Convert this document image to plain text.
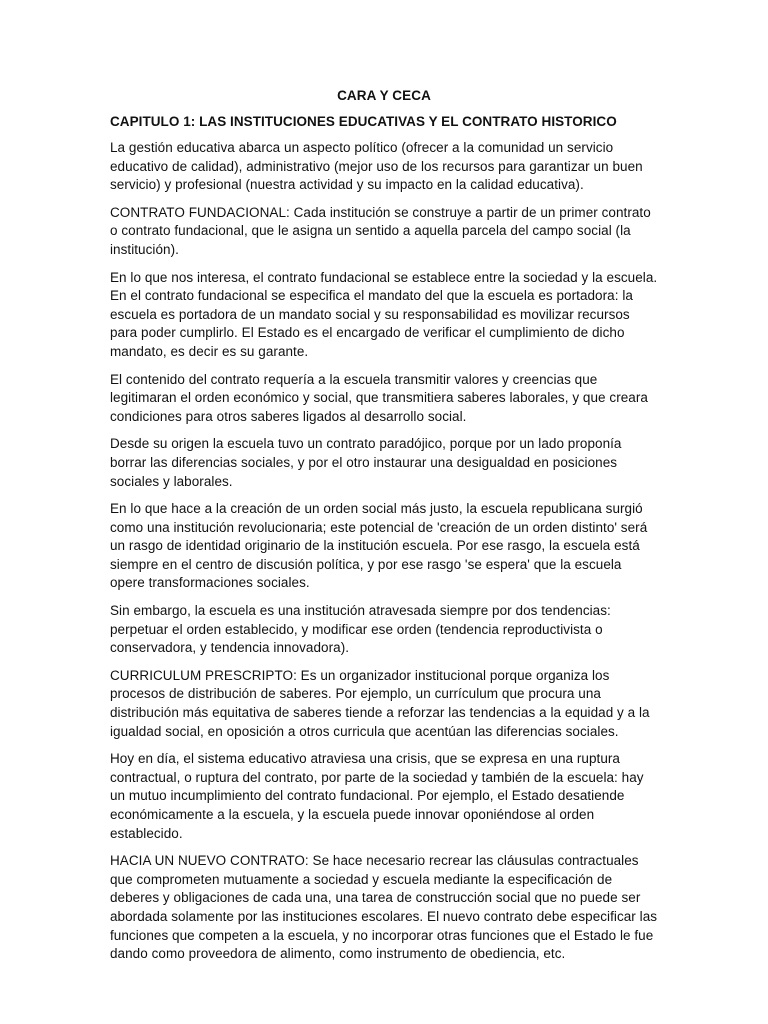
CARA Y CECA
CAPITULO 1: LAS INSTITUCIONES EDUCATIVAS Y EL CONTRATO HISTORICO

La gestión educativa abarca un aspecto político (ofrecer a la comunidad un servicio educativo de calidad), administrativo (mejor uso de los recursos para garantizar un buen servicio) y profesional (nuestra actividad y su impacto en la calidad educativa).

CONTRATO FUNDACIONAL: Cada institución se construye a partir de un primer contrato o contrato fundacional, que le asigna un sentido a aquella parcela del campo social (la institución).

En lo que nos interesa, el contrato fundacional se establece entre la sociedad y la escuela. En el contrato fundacional se especifica el mandato del que la escuela es portadora: la escuela es portadora de un mandato social y su responsabilidad es movilizar recursos para poder cumplirlo. El Estado es el encargado de verificar el cumplimiento de dicho mandato, es decir es su garante.

El contenido del contrato requería a la escuela transmitir valores y creencias que legitimaran el orden económico y social, que transmitiera saberes laborales, y que creara condiciones para otros saberes ligados al desarrollo social.

Desde su origen la escuela tuvo un contrato paradójico, porque por un lado proponía borrar las diferencias sociales, y por el otro instaurar una desigualdad en posiciones sociales y laborales.

En lo que hace a la creación de un orden social más justo, la escuela republicana surgió como una institución revolucionaria; este potencial de 'creación de un orden distinto' será un rasgo de identidad originario de la institución escuela. Por ese rasgo, la escuela está siempre en el centro de discusión política, y por ese rasgo 'se espera' que la escuela opere transformaciones sociales.

Sin embargo, la escuela es una institución atravesada siempre por dos tendencias: perpetuar el orden establecido, y modificar ese orden (tendencia reproductivista o conservadora, y tendencia innovadora).

CURRICULUM PRESCRIPTO: Es un organizador institucional porque organiza los procesos de distribución de saberes. Por ejemplo, un currículum que procura una distribución más equitativa de saberes tiende a reforzar las tendencias a la equidad y a la igualdad social, en oposición a otros curricula que acentúan las diferencias sociales.

Hoy en día, el sistema educativo atraviesa una crisis, que se expresa en una ruptura contractual, o ruptura del contrato, por parte de la sociedad y también de la escuela: hay un mutuo incumplimiento del contrato fundacional. Por ejemplo, el Estado desatiende económicamente a la escuela, y la escuela puede innovar oponiéndose al orden establecido.

HACIA UN NUEVO CONTRATO: Se hace necesario recrear las cláusulas contractuales que comprometen mutuamente a sociedad y escuela mediante la especificación de deberes y obligaciones de cada una, una tarea de construcción social que no puede ser abordada solamente por las instituciones escolares. El nuevo contrato debe especificar las funciones que competen a la escuela, y no incorporar otras funciones que el Estado le fue dando como proveedora de alimento, como instrumento de obediencia, etc.
